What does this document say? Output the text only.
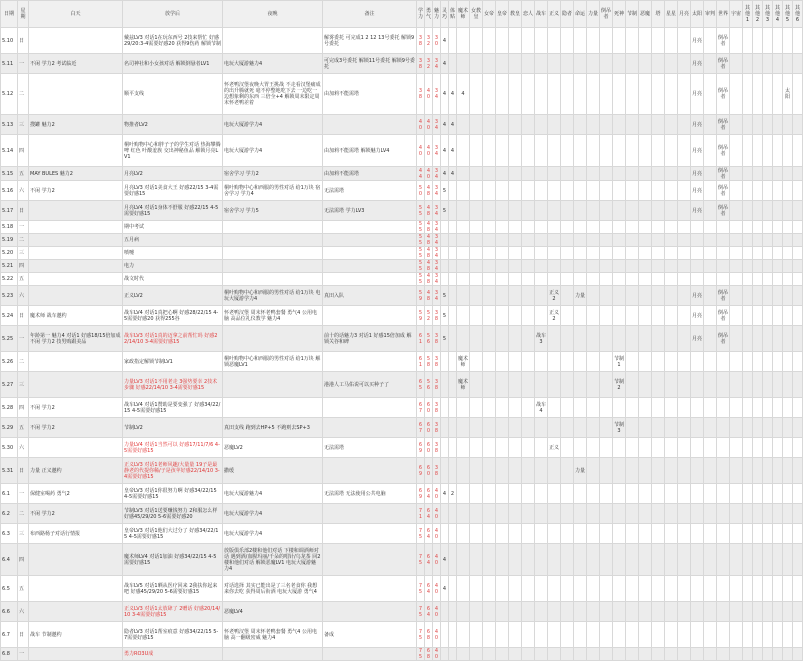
日期	星期	白天	放学后	夜晚	备注	学力	勇气	魅力	灵巧	体贴	魔术师	女教皇	女帝	皇帝	教皇	恋人	战车	正义	隐者	命运	力量	倒吊者	死神	节制	恶魔	塔	星星	月亮	太阳	审判	世界	宇宙	其他1	其他2	其他3	其他4	其他5	其他6
5.10	日		戴兹LV3 对话1在玩东西号 2技来帮忙 好感29/20:3-4需要好感20 获得9伤药 解锁节制		解雾委托 可完成1 2 12 13号委托 解锁9号委托	38	32	30	4																				月亮		倒吊者							
5.11	一	不闲 学力2 考试临近	名司神社和小女孩对话 解锁倒悬者LV1	电玩大厦游魅力4	可完成3号委托 解锁11号委托 解锁9号委托	38	32	34	4																				月亮		倒吊者							
5.12	二		顺平支线	怀老鸭汉堡夜晚大胃王挑战 不走看汉堡痛成的出升腾就死 毫不停整地吃下去 一边吃一边想象剩的东西 三倍全+4 解锁周末限定周末怀老鸭差着	由加莉不能需塔	38	40	34	4	4	4																		月亮		倒吊者						太阳	
5.13	三	搜罐 魅力2	物推者LV2	电玩大厦游学力4		40	40	34	4	4																			月亮		倒吊者							
5.14	四		桐叶购物中心和胖子子的学生对话 热海攀腾啤 红色 叶酸羞族 交出神秘鱼品 解锁月亮LV1	电玩大厦游学力4	由加莉不能需塔 解锁魅力LV4	40	40	34	4	4																			月亮		倒吊者							
5.15	五	MAY BULES 魅力2	月亮LV2	宿舍学习 学力2	由加莉不能需塔	44	40	34	4	4																			月亮		倒吊者							
5.16	六	不闲 学力2	月亮LV3 对话1美食大王 好感22/15 3-4需要好感15	桐叶购物中心和西服的男性对话 给1万块 宿舍学习 学力4	无法需塔	50	48	34	5																				月亮		倒吊者							
5.17	日		月亮LV4 对话1身体不舒服 好感22/15 4-5需要好感15	宿舍学习 学力5	无法需塔 学力LV3	55	48	34	5																				月亮		倒吊者							
5.18	一		期中考试			55	48	34																														
5.19	二		五月病			55	48	34																														
5.20	三		喷嚏			55	48	34																														
5.21	四		电力			55	48	34																														
5.22	五		战文时代			55	48	34																														
5.23	六		正义LV2	桐叶购物中心和西服的男性对话 给1万块 电玩大厦游学力4	真田入队	59	48	34	5									正义 2		力量									月亮		倒吊者							
5.24	日	魔术师 战车邀约	战车LV4 对话1真把心啊 好感28/22/15 4-5需要好感20 获得255谷	怀老鸭汉堡 周末怀老鸭套餐 勇气4 公用电脑 高品位礼仪教学 魅力4		59	52	38	5									正义 2											月亮		倒吊者							
5.25	一	年龄第一 魅力4 对话1 好感18/15倍加成 不闲 学力2 技男购跟美品	战车LV3 对话1真的迈拿之前帮忙吗 好感22/14/10 3-4需要好感15		前十的话魅力3 对话1 好感15倍加成 解锁关谷和碑	61	56	38	5								战车 3												月亮		倒吊者							
5.26	二		家政指定解锁节制LV1	桐叶购物中心和西服的男性对话 给1万块 解锁恶魔LV1		61	58	38			魔术师												节制 1															
5.27	三		力量LV3 对话1不用老走 3强势要幸 2技术步骤 好感22/14/10 3-4需要好感15		港港人工马佑说可以买种子了	65	56	38			魔术师												节制 2															
5.28	四	不闲 学力2	战车LV4 对话1赞助是要变强了 好感34/22/15 4-5需要好感15			67	60	38									战车 4																					
5.29	五	不闲 学力2	节制LV2	真田支线 跑到去HP+5 不跑则去SP+3		67	60	38															节制 3															
5.30	六		力量LV4 对话1当然可以 好感17/11/7/6 4-5需要好感15	恶魔LV2	无法需塔	69	60	38										正义																				
5.31	日	力量 正义邀约	正义LV3 对话1老师风趣/大量量 19子是最静老的代提你稀/子是孩苹好感22/14/10 3-4需要好感15	撒缓		69	60	38												力量																		
6.1	一	保健室喝药 勇气2	皇帝LV3 对话1你很努力啊 好感34/22/15 4-5需要好感15	电玩大厦游魅力4	无法需塔 无法使用公共电脑	69	64	40	4	2																												
6.2	二	不闲 学力2	节制LV3 对话1送要赚钱努力 2和服怎么样 好感45/29/20 5-6需要好感20	电玩大厦游学力4		71	64	40																														
6.3	三	布西路杨子对话行情报	皇帝LV3 对话1他们大过分了 好感34/22/15 4-5需要好感15	电玩大厦游学力4		75	64	40																														
6.4	四		魔术师LV4 对话1加油 好感34/22/15 4-5需要好感15	放版俱乐部2楼和他们对话 下楼和调酒师对话 遇到酒/血腥玛丽/千朵的唱针/乌龙茶 回2楼和他们对话 解锁恶魔LV1 电玩大厦游魅力4		75	64	40	4																													
6.5	五		战车LV5 对话1晒从医疗回来 2我扶你起来吧 好感45/29/20 5-6需要好感15	对话选择 其实已能出是了三名老食你 我想来你去吃 获得周后衔酒 电玩大厦游 勇气4		75	64	40	4																													
6.6	六		正义LV3 对话1太放肆了 2赠话 好感20/14/10 3-4需要好感15	恶魔LV4		75	64	40																														
6.7	日	战车 节制邀约	隐者LV3 对话1帮室痕意 好感34/22/15 5-7需要好感15	怀老鸭汉堡 周末怀老鸭套餐 勇气4 公用电脑 高一翻级密威 魅力4	备成	75	68	40																														
6.8	一		勇力RO3U成			75	68	40																														
